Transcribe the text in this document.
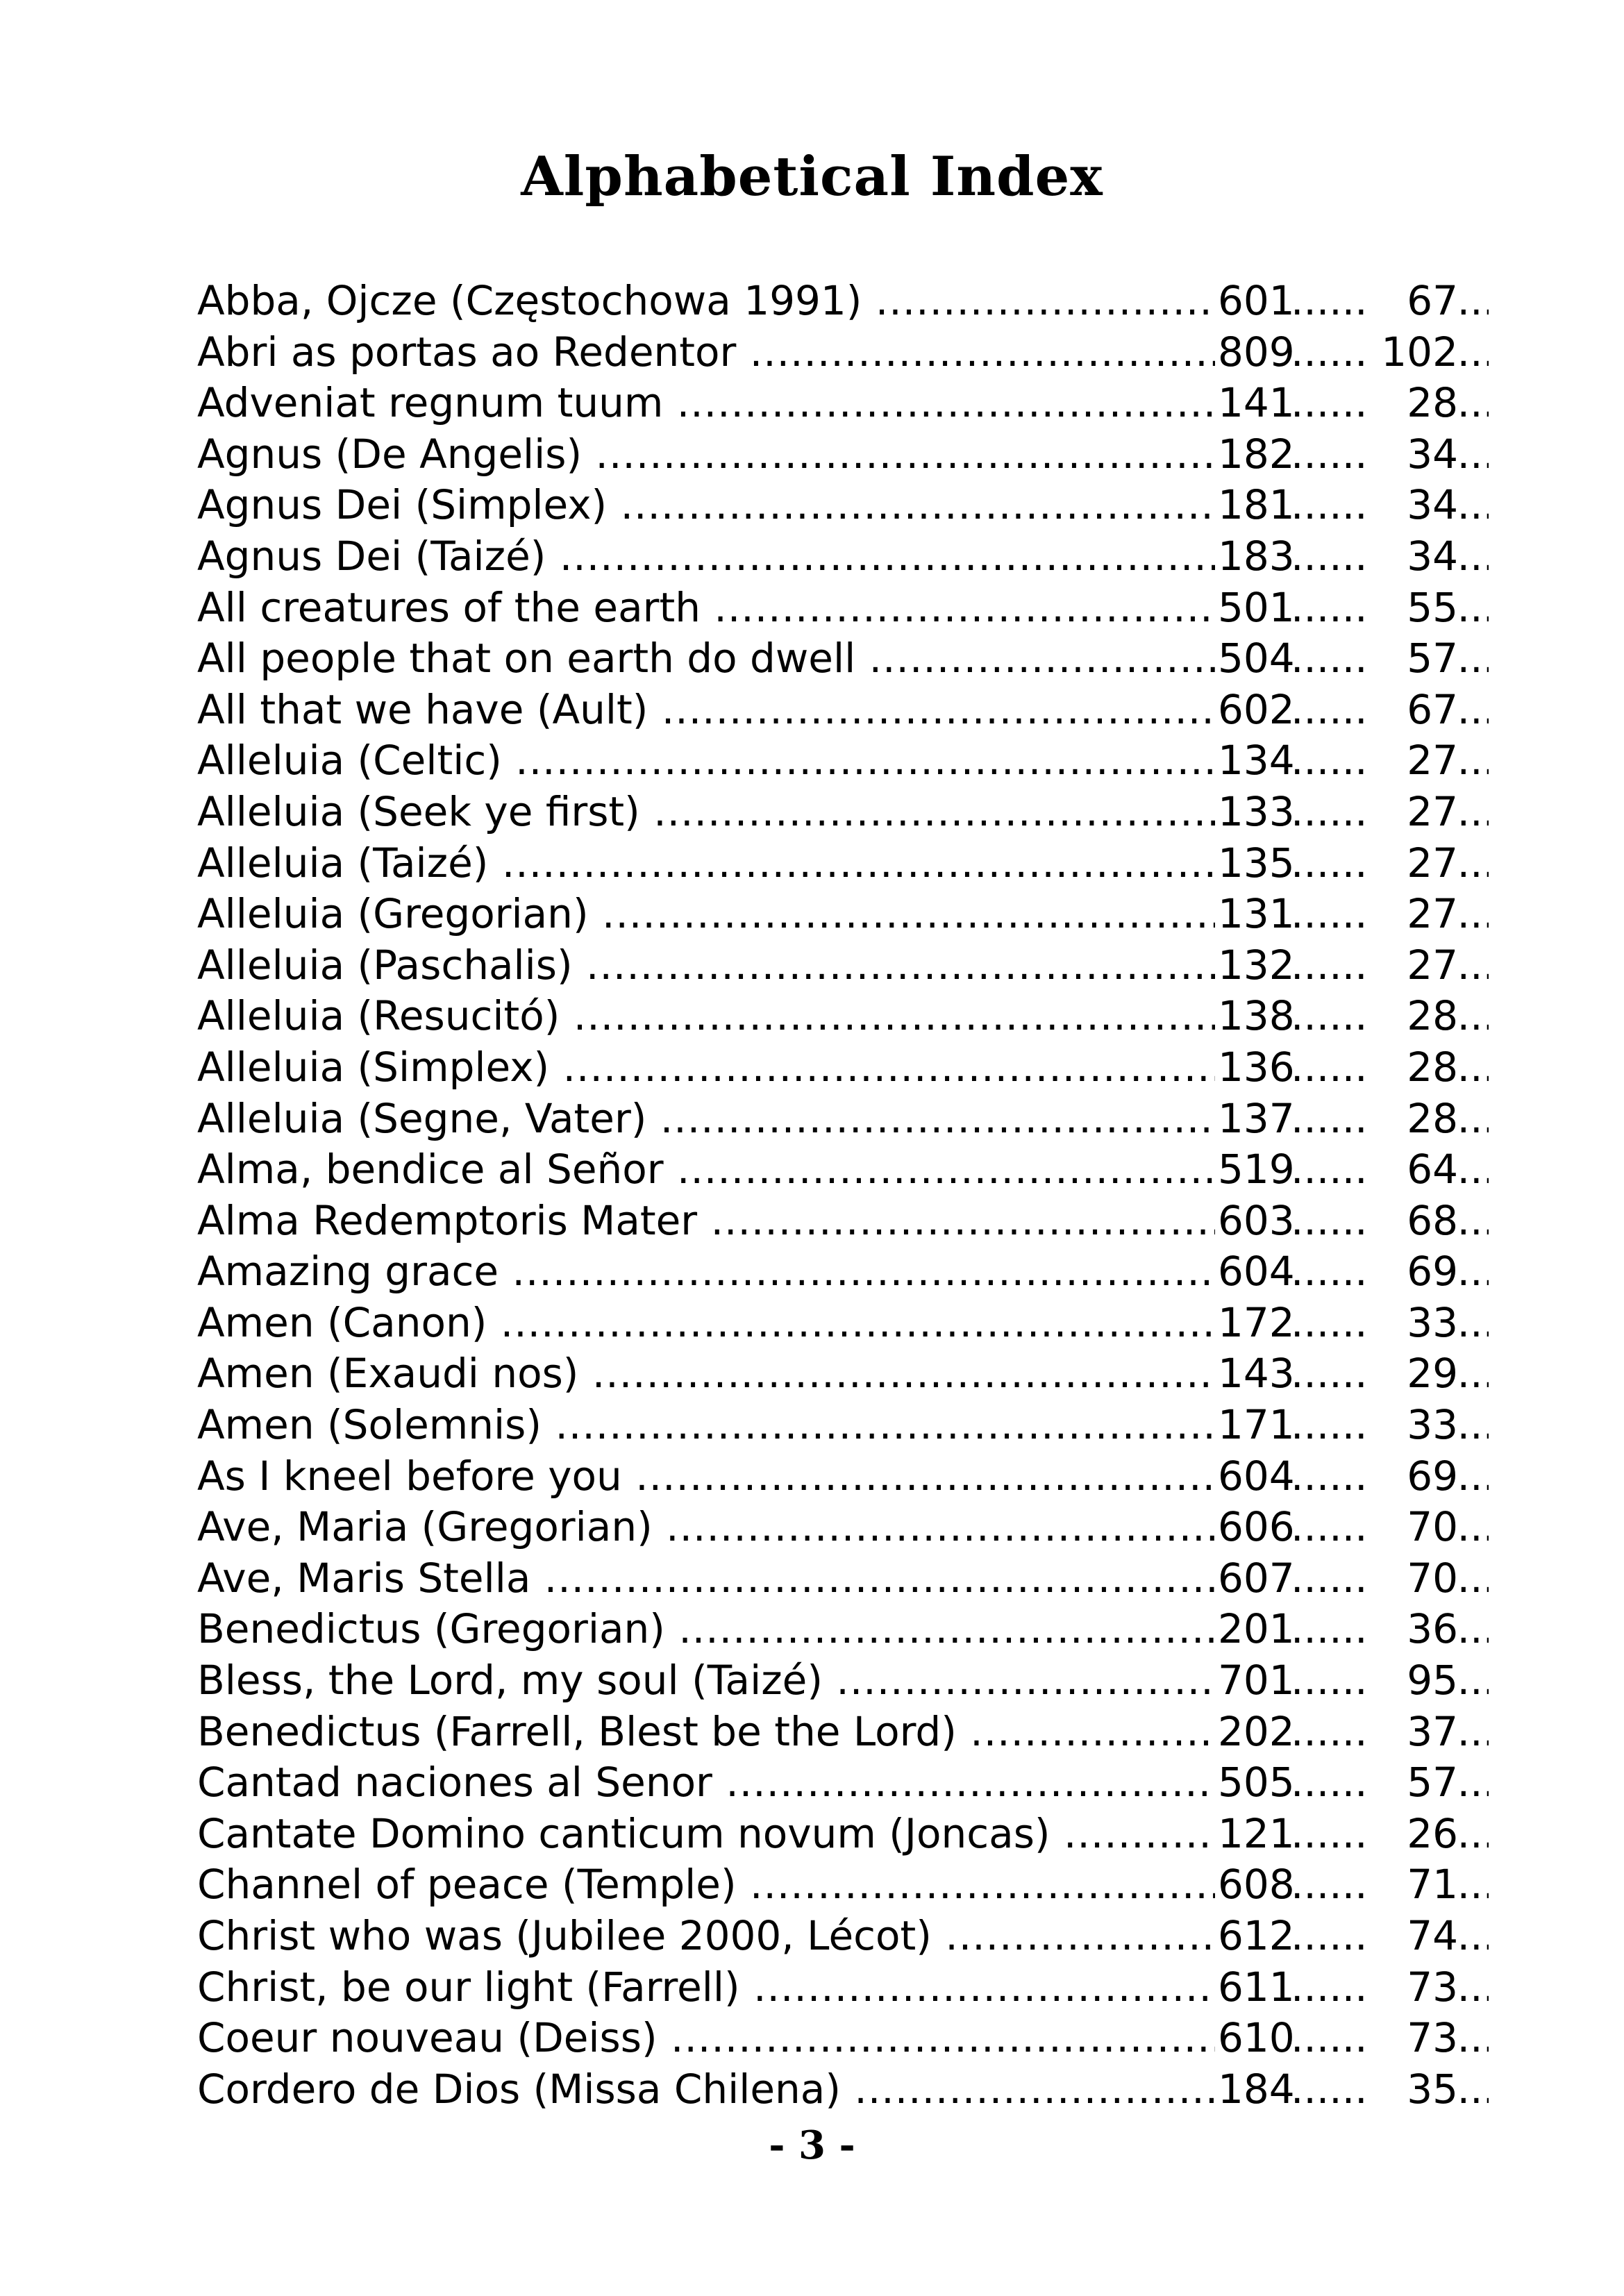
Alphabetical Index
Abba, Ojcze (Częstochowa 1991) .....	601 .....	67
Abri as portas ao Redentor .....	809 .....	102
Adveniat regnum tuum .....	141 .....	28
Agnus (De Angelis) .....	182 .....	34
Agnus Dei (Simplex) .....	181 .....	34
Agnus Dei (Taizé) .....	183 .....	34
All creatures of the earth .....	501 .....	55
All people that on earth do dwell .....	504 .....	57
All that we have (Ault) .....	602 .....	67
Alleluia (Celtic) .....	134 .....	27
Alleluia (Seek ye first) .....	133 .....	27
Alleluia (Taizé) .....	135 .....	27
Alleluia (Gregorian) .....	131 .....	27
Alleluia (Paschalis) .....	132 .....	27
Alleluia (Resucitó) .....	138 .....	28
Alleluia (Simplex) .....	136 .....	28
Alleluia (Segne, Vater) .....	137 .....	28
Alma, bendice al Señor .....	519 .....	64
Alma Redemptoris Mater .....	603 .....	68
Amazing grace .....	604 .....	69
Amen (Canon) .....	172 .....	33
Amen (Exaudi nos) .....	143 .....	29
Amen (Solemnis) .....	171 .....	33
As I kneel before you .....	604 .....	69
Ave, Maria (Gregorian) .....	606 .....	70
Ave, Maris Stella .....	607 .....	70
Benedictus (Gregorian) .....	201 .....	36
Bless, the Lord, my soul (Taizé) .....	701 .....	95
Benedictus (Farrell, Blest be the Lord) .....	202 .....	37
Cantad naciones al Senor .....	505 .....	57
Cantate Domino canticum novum (Joncas) .....	121 .....	26
Channel of peace (Temple) .....	608 .....	71
Christ who was (Jubilee 2000, Lécot) .....	612 .....	74
Christ, be our light (Farrell) .....	611 .....	73
Coeur nouveau (Deiss) .....	610 .....	73
Cordero de Dios (Missa Chilena) .....	184 .....	35
- 3 -
